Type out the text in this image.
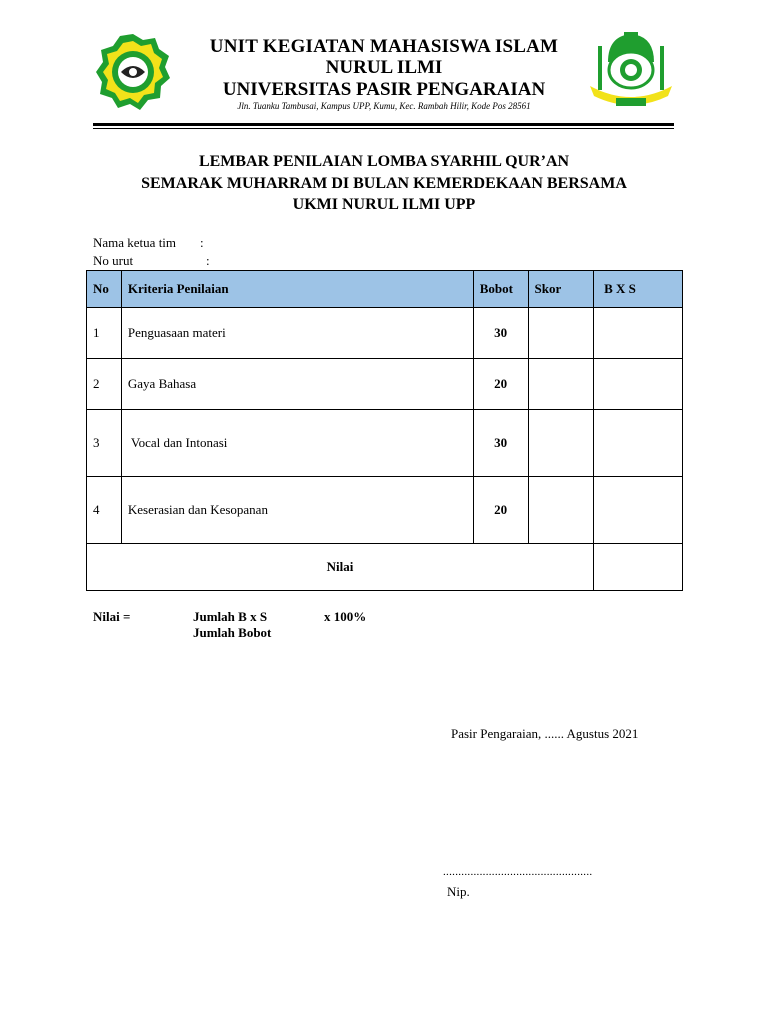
UNIT KEGIATAN MAHASISWA ISLAM
NURUL ILMI
UNIVERSITAS PASIR PENGARAIAN
Jln. Tuanku Tambusai, Kampus UPP, Kumu, Kec. Rambah Hilir, Kode Pos 28561
LEMBAR PENILAIAN LOMBA SYARHIL QUR’AN
SEMARAK MUHARRAM DI BULAN KEMERDEKAAN BERSAMA
UKMI NURUL ILMI UPP
Nama ketua tim :
No urut	:
No	Kriteria Penilaian	Bobot	Skor	B X S
1	Penguasaan materi	30		
2	Gaya Bahasa	20		
3	Vocal dan Intonasi	30		
4	Keserasian dan Kesopanan	20		
Nilai				
Nilai =	Jumlah B x S	x 100%
Jumlah Bobot
Pasir Pengaraian, ...... Agustus 2021
.................................................
Nip.
